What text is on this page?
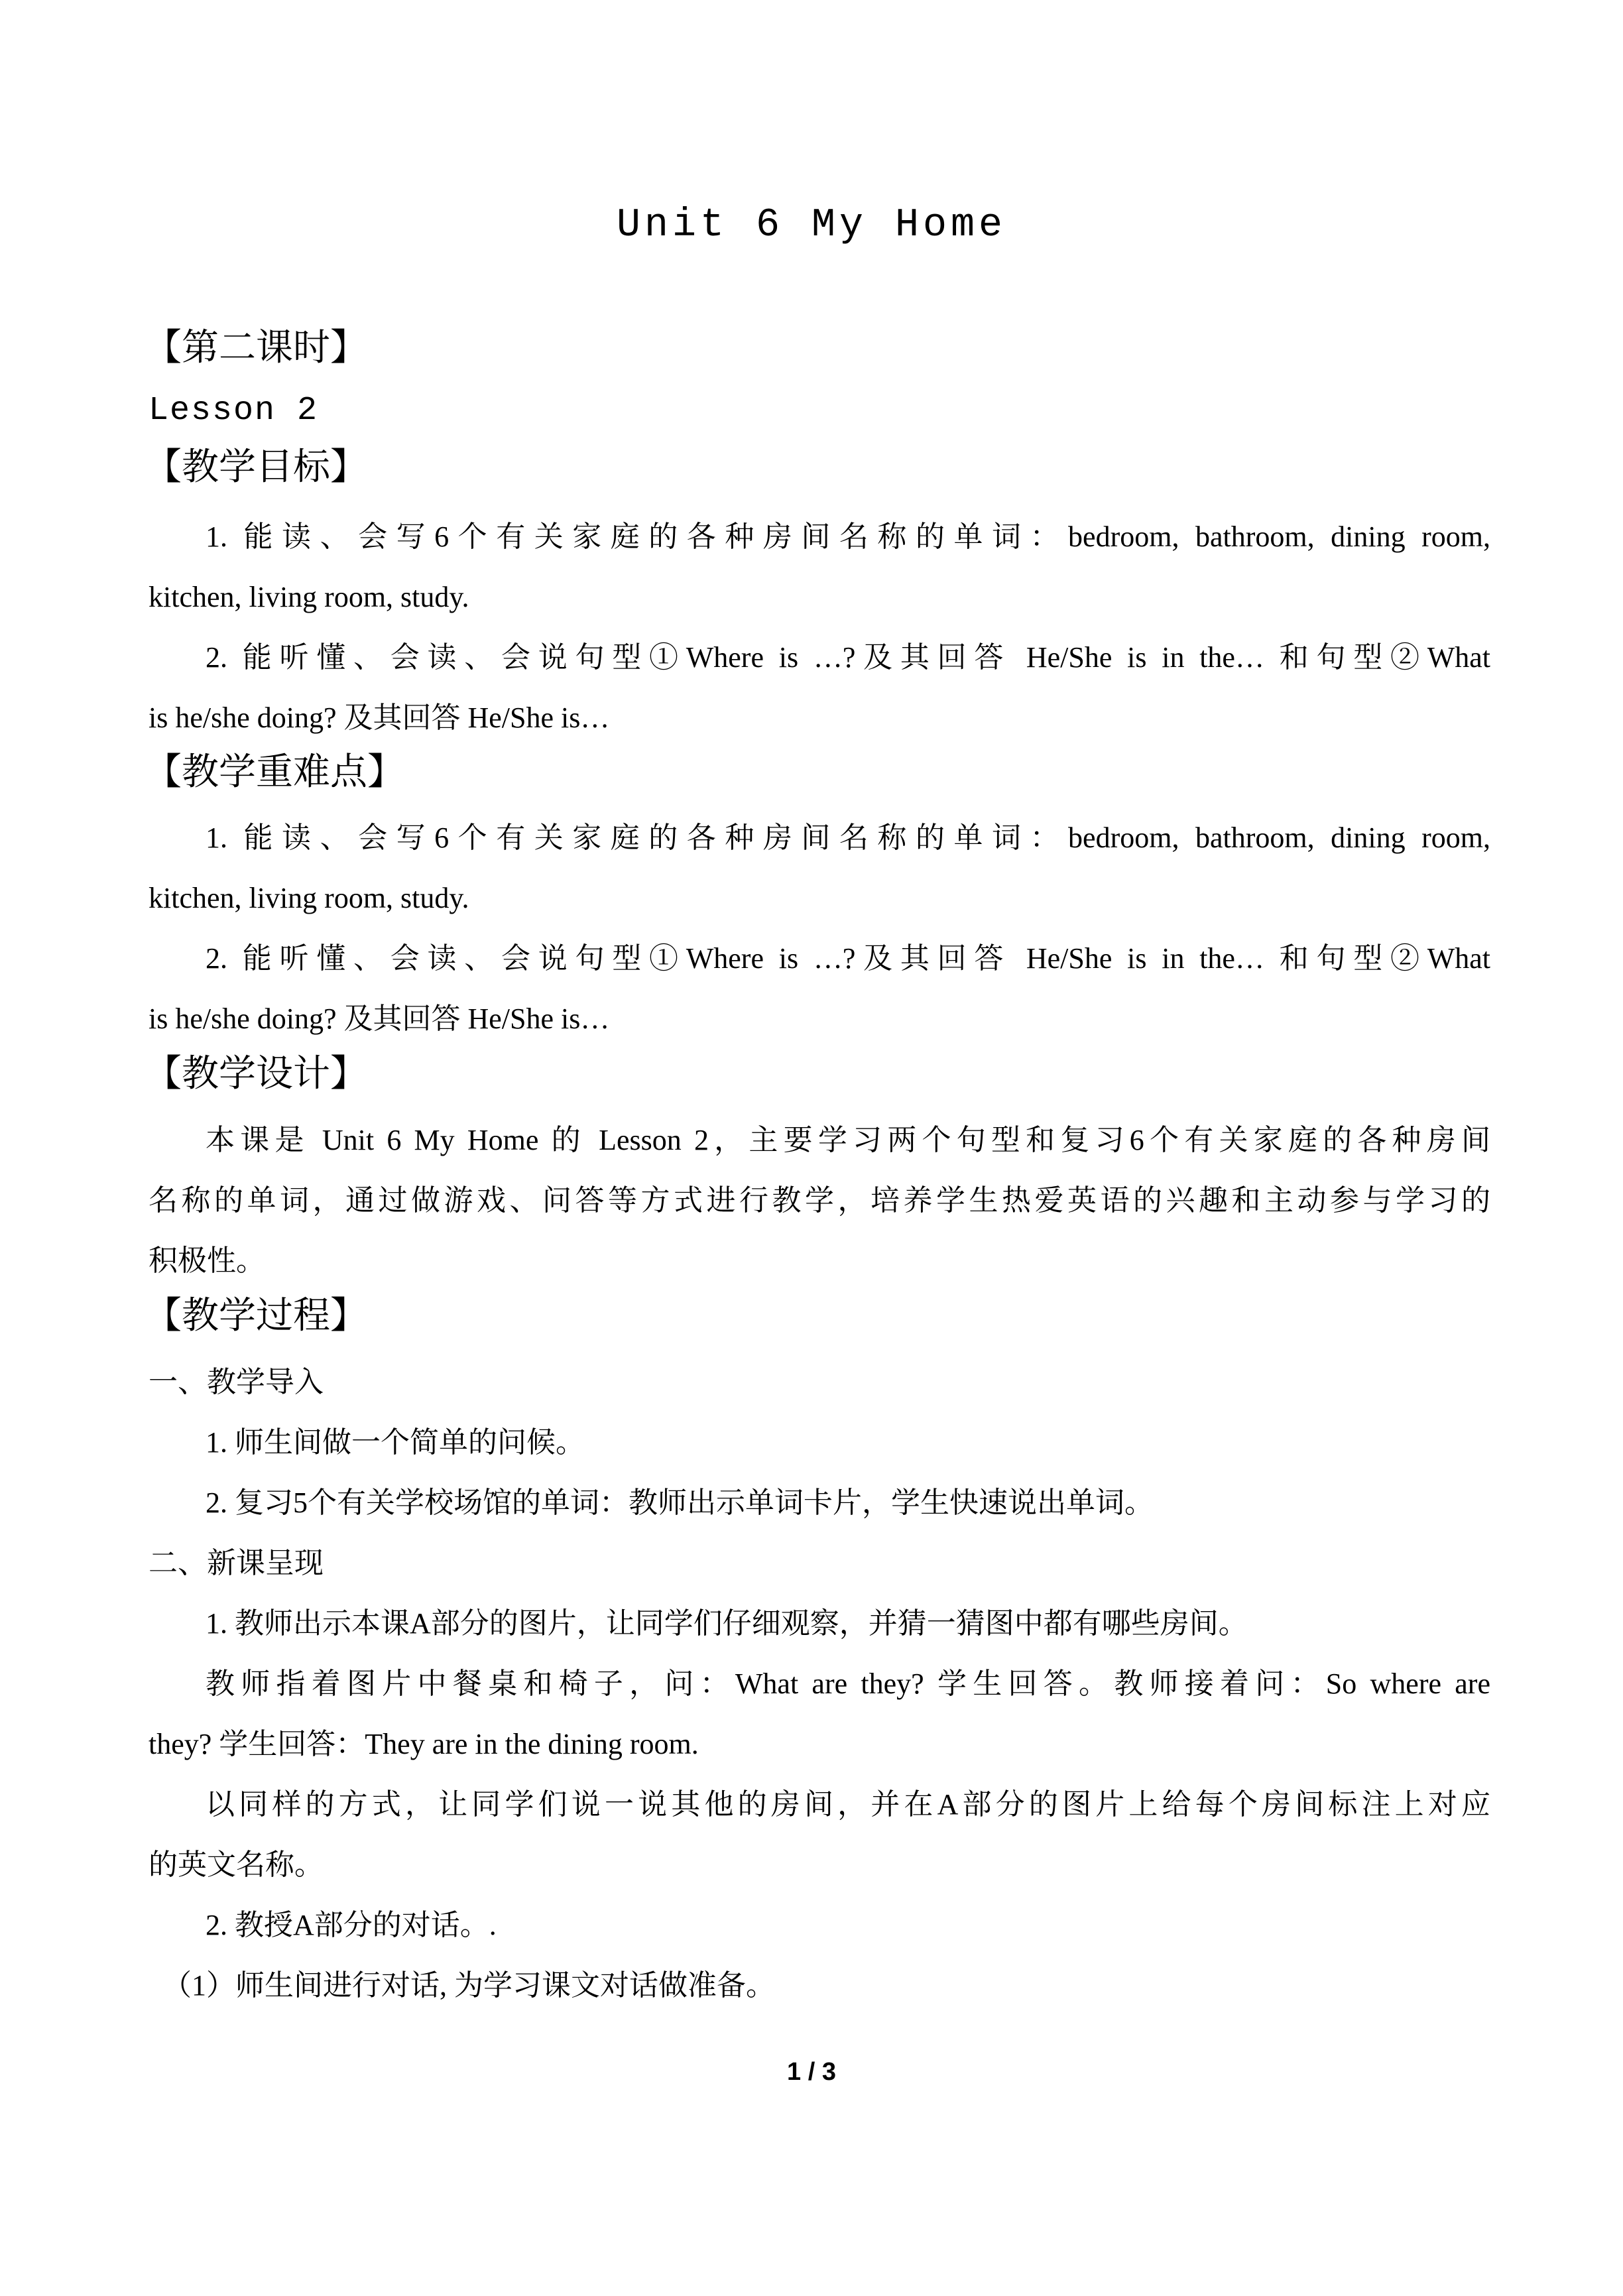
Unit 6 My Home
【第二课时】
Lesson 2
【教学目标】
1. 能读、会写6个有关家庭的各种房间名称的单词：bedroom, bathroom, dining room,
kitchen, living room, study.
2. 能听懂、会读、会说句型①Where is …?及其回答 He/She is in the… 和句型②What
is he/she doing? 及其回答 He/She is…
【教学重难点】
1. 能读、会写6个有关家庭的各种房间名称的单词：bedroom, bathroom, dining room,
kitchen, living room, study.
2. 能听懂、会读、会说句型①Where is …?及其回答 He/She is in the… 和句型②What
is he/she doing? 及其回答 He/She is…
【教学设计】
本课是 Unit 6 My Home 的 Lesson 2，主要学习两个句型和复习6个有关家庭的各种房间
名称的单词，通过做游戏、问答等方式进行教学，培养学生热爱英语的兴趣和主动参与学习的
积极性。
【教学过程】
一、教学导入
1. 师生间做一个简单的问候。
2. 复习5个有关学校场馆的单词：教师出示单词卡片，学生快速说出单词。
二、新课呈现
1. 教师出示本课A部分的图片，让同学们仔细观察，并猜一猜图中都有哪些房间。
教师指着图片中餐桌和椅子，问：What are they? 学生回答。教师接着问：So where are
they? 学生回答：They are in the dining room.
以同样的方式，让同学们说一说其他的房间，并在A部分的图片上给每个房间标注上对应
的英文名称。
2. 教授A部分的对话。.
（1）师生间进行对话, 为学习课文对话做准备。
1 / 3
